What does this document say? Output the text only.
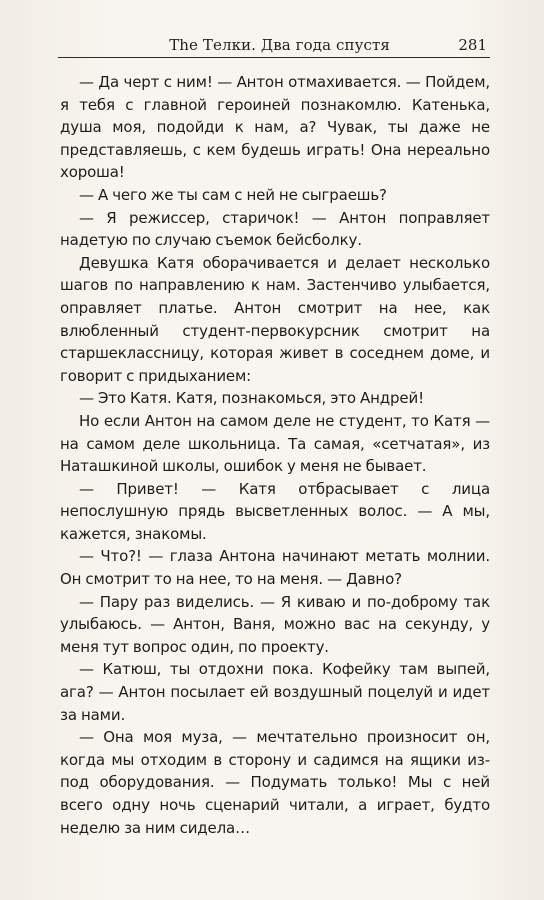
The Телки. Два года спустя	281

— Да черт с ним! — Антон отмахивается. — Пойдем, я тебя с главной героиней познакомлю. Катенька, душа моя, подойди к нам, а? Чувак, ты даже не представляешь, с кем будешь играть! Она нереально хороша!

— А чего же ты сам с ней не сыграешь?

— Я режиссер, старичок! — Антон поправляет надетую по случаю съемок бейсболку.

Девушка Катя оборачивается и делает несколько шагов по направлению к нам. Застенчиво улыбается, оправляет платье. Антон смотрит на нее, как влюбленный студент-первокурсник смотрит на старшеклассницу, которая живет в соседнем доме, и говорит с придыханием:

— Это Катя. Катя, познакомься, это Андрей!

Но если Антон на самом деле не студент, то Катя — на самом деле школьница. Та самая, «сетчатая», из Наташкиной школы, ошибок у меня не бывает.

— Привет! — Катя отбрасывает с лица непослушную прядь высветленных волос. — А мы, кажется, знакомы.

— Что?! — глаза Антона начинают метать молнии. Он смотрит то на нее, то на меня. — Давно?

— Пару раз виделись. — Я киваю и по-доброму так улыбаюсь. — Антон, Ваня, можно вас на секунду, у меня тут вопрос один, по проекту.

— Катюш, ты отдохни пока. Кофейку там выпей, ага? — Антон посылает ей воздушный поцелуй и идет за нами.

— Она моя муза, — мечтательно произносит он, когда мы отходим в сторону и садимся на ящики из-под оборудования. — Подумать только! Мы с ней всего одну ночь сценарий читали, а играет, будто неделю за ним сидела…
